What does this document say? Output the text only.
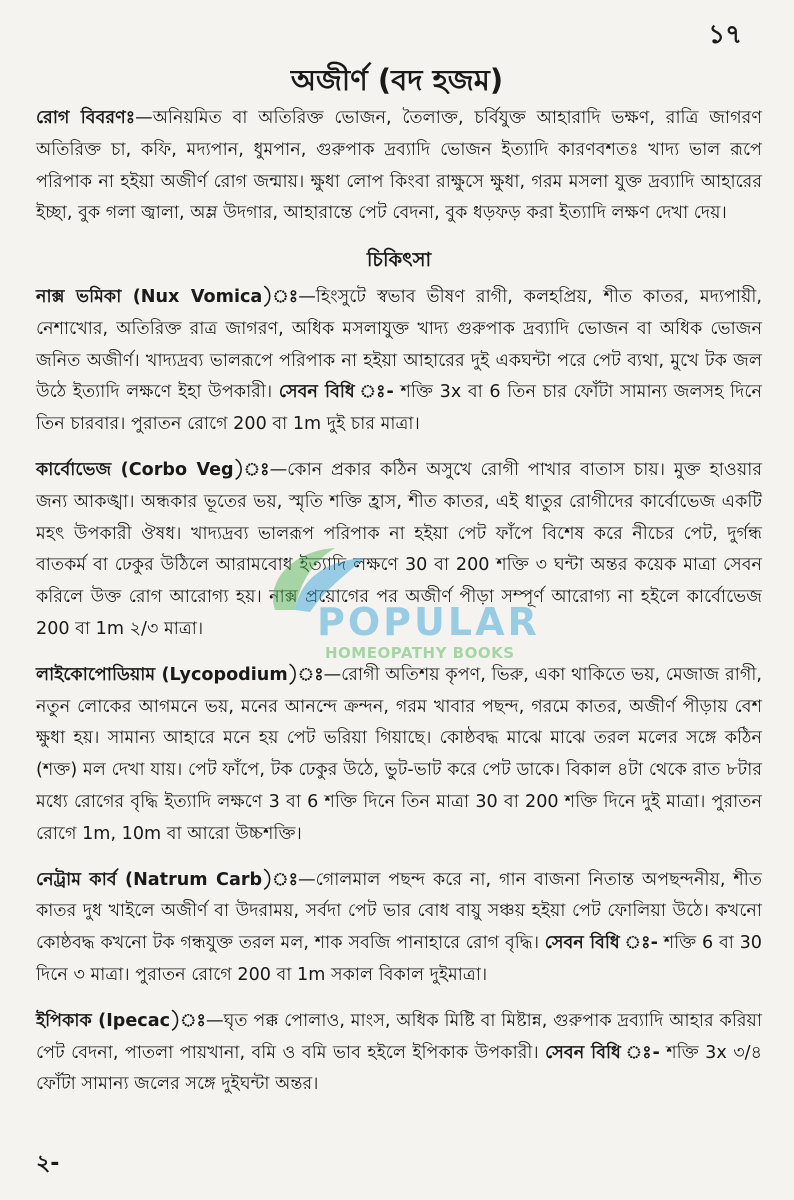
১৭
অজীর্ণ (বদ হজম)

রোগ বিবরণঃ—অনিয়মিত বা অতিরিক্ত ভোজন, তৈলাক্ত, চর্বিযুক্ত আহারাদি ভক্ষণ, রাত্রি জাগরণ অতিরিক্ত চা, কফি, মদ্যপান, ধুমপান, গুরুপাক দ্রব্যাদি ভোজন ইত্যাদি কারণবশতঃ খাদ্য ভাল রূপে পরিপাক না হইয়া অজীর্ণ রোগ জন্মায়। ক্ষুধা লোপ কিংবা রাক্ষুসে ক্ষুধা, গরম মসলা যুক্ত দ্রব্যাদি আহারের ইচ্ছা, বুক গলা জ্বালা, অম্ল উদগার, আহারান্তে পেট বেদনা, বুক ধড়ফড় করা ইত্যাদি লক্ষণ দেখা দেয়।

চিকিৎসা

নাক্স ভমিকা (Nux Vomica)ঃ—হিংসুটে স্বভাব ভীষণ রাগী, কলহপ্রিয়, শীত কাতর, মদ্যপায়ী, নেশাখোর, অতিরিক্ত রাত্র জাগরণ, অধিক মসলাযুক্ত খাদ্য গুরুপাক দ্রব্যাদি ভোজন বা অধিক ভোজন জনিত অজীর্ণ। খাদ্যদ্রব্য ভালরূপে পরিপাক না হইয়া আহারের দুই একঘন্টা পরে পেট ব্যথা, মুখে টক জল উঠে ইত্যাদি লক্ষণে ইহা উপকারী। সেবন বিধি ঃ- শক্তি 3x বা 6 তিন চার ফোঁটা সামান্য জলসহ দিনে তিন চারবার। পুরাতন রোগে 200 বা 1m দুই চার মাত্রা।

কার্বোভেজ (Corbo Veg)ঃ—কোন প্রকার কঠিন অসুখে রোগী পাখার বাতাস চায়। মুক্ত হাওয়ার জন্য আকঙ্খা। অন্ধকার ভূতের ভয়, স্মৃতি শক্তি হ্রাস, শীত কাতর, এই ধাতুর রোগীদের কার্বোভেজ একটি মহৎ উপকারী ঔষধ। খাদ্যদ্রব্য ভালরূপ পরিপাক না হইয়া পেট ফাঁপে বিশেষ করে নীচের পেট, দুর্গন্ধ বাতকর্ম বা ঢেকুর উঠিলে আরামবোধ ইত্যাদি লক্ষণে 30 বা 200 শক্তি ৩ ঘন্টা অন্তর কয়েক মাত্রা সেবন করিলে উক্ত রোগ আরোগ্য হয়। নাক্স প্রয়োগের পর অজীর্ণ পীড়া সম্পূর্ণ আরোগ্য না হইলে কার্বোভেজ 200 বা 1m ২/৩ মাত্রা।

লাইকোপোডিয়াম (Lycopodium)ঃ—রোগী অতিশয় কৃপণ, ভিরু, একা থাকিতে ভয়, মেজাজ রাগী, নতুন লোকের আগমনে ভয়, মনের আনন্দে ক্রন্দন, গরম খাবার পছন্দ, গরমে কাতর, অজীর্ণ পীড়ায় বেশ ক্ষুধা হয়। সামান্য আহারে মনে হয় পেট ভরিয়া গিয়াছে। কোষ্ঠবদ্ধ মাঝে মাঝে তরল মলের সঙ্গে কঠিন (শক্ত) মল দেখা যায়। পেট ফাঁপে, টক ঢেকুর উঠে, ভুট-ভাট করে পেট ডাকে। বিকাল ৪টা থেকে রাত ৮টার মধ্যে রোগের বৃদ্ধি ইত্যাদি লক্ষণে 3 বা 6 শক্তি দিনে তিন মাত্রা 30 বা 200 শক্তি দিনে দুই মাত্রা। পুরাতন রোগে 1m, 10m বা আরো উচ্চশক্তি।

নেট্রাম কার্ব (Natrum Carb)ঃ—গোলমাল পছন্দ করে না, গান বাজনা নিতান্ত অপছন্দনীয়, শীত কাতর দুধ খাইলে অজীর্ণ বা উদরাময়, সর্বদা পেট ভার বোধ বায়ু সঞ্চয় হইয়া পেট ফোলিয়া উঠে। কখনো কোষ্ঠবদ্ধ কখনো টক গন্ধযুক্ত তরল মল, শাক সবজি পানাহারে রোগ বৃদ্ধি। সেবন বিধি ঃ- শক্তি 6 বা 30 দিনে ৩ মাত্রা। পুরাতন রোগে 200 বা 1m সকাল বিকাল দুইমাত্রা।

ইপিকাক (Ipecac)ঃ—ঘৃত পক্ক পোলাও, মাংস, অধিক মিষ্টি বা মিষ্টান্ন, গুরুপাক দ্রব্যাদি আহার করিয়া পেট বেদনা, পাতলা পায়খানা, বমি ও বমি ভাব হইলে ইপিকাক উপকারী। সেবন বিধি ঃ- শক্তি 3x ৩/৪ ফোঁটা সামান্য জলের সঙ্গে দুইঘন্টা অন্তর।

২-
POPULAR
HOMEOPATHY BOOKS
